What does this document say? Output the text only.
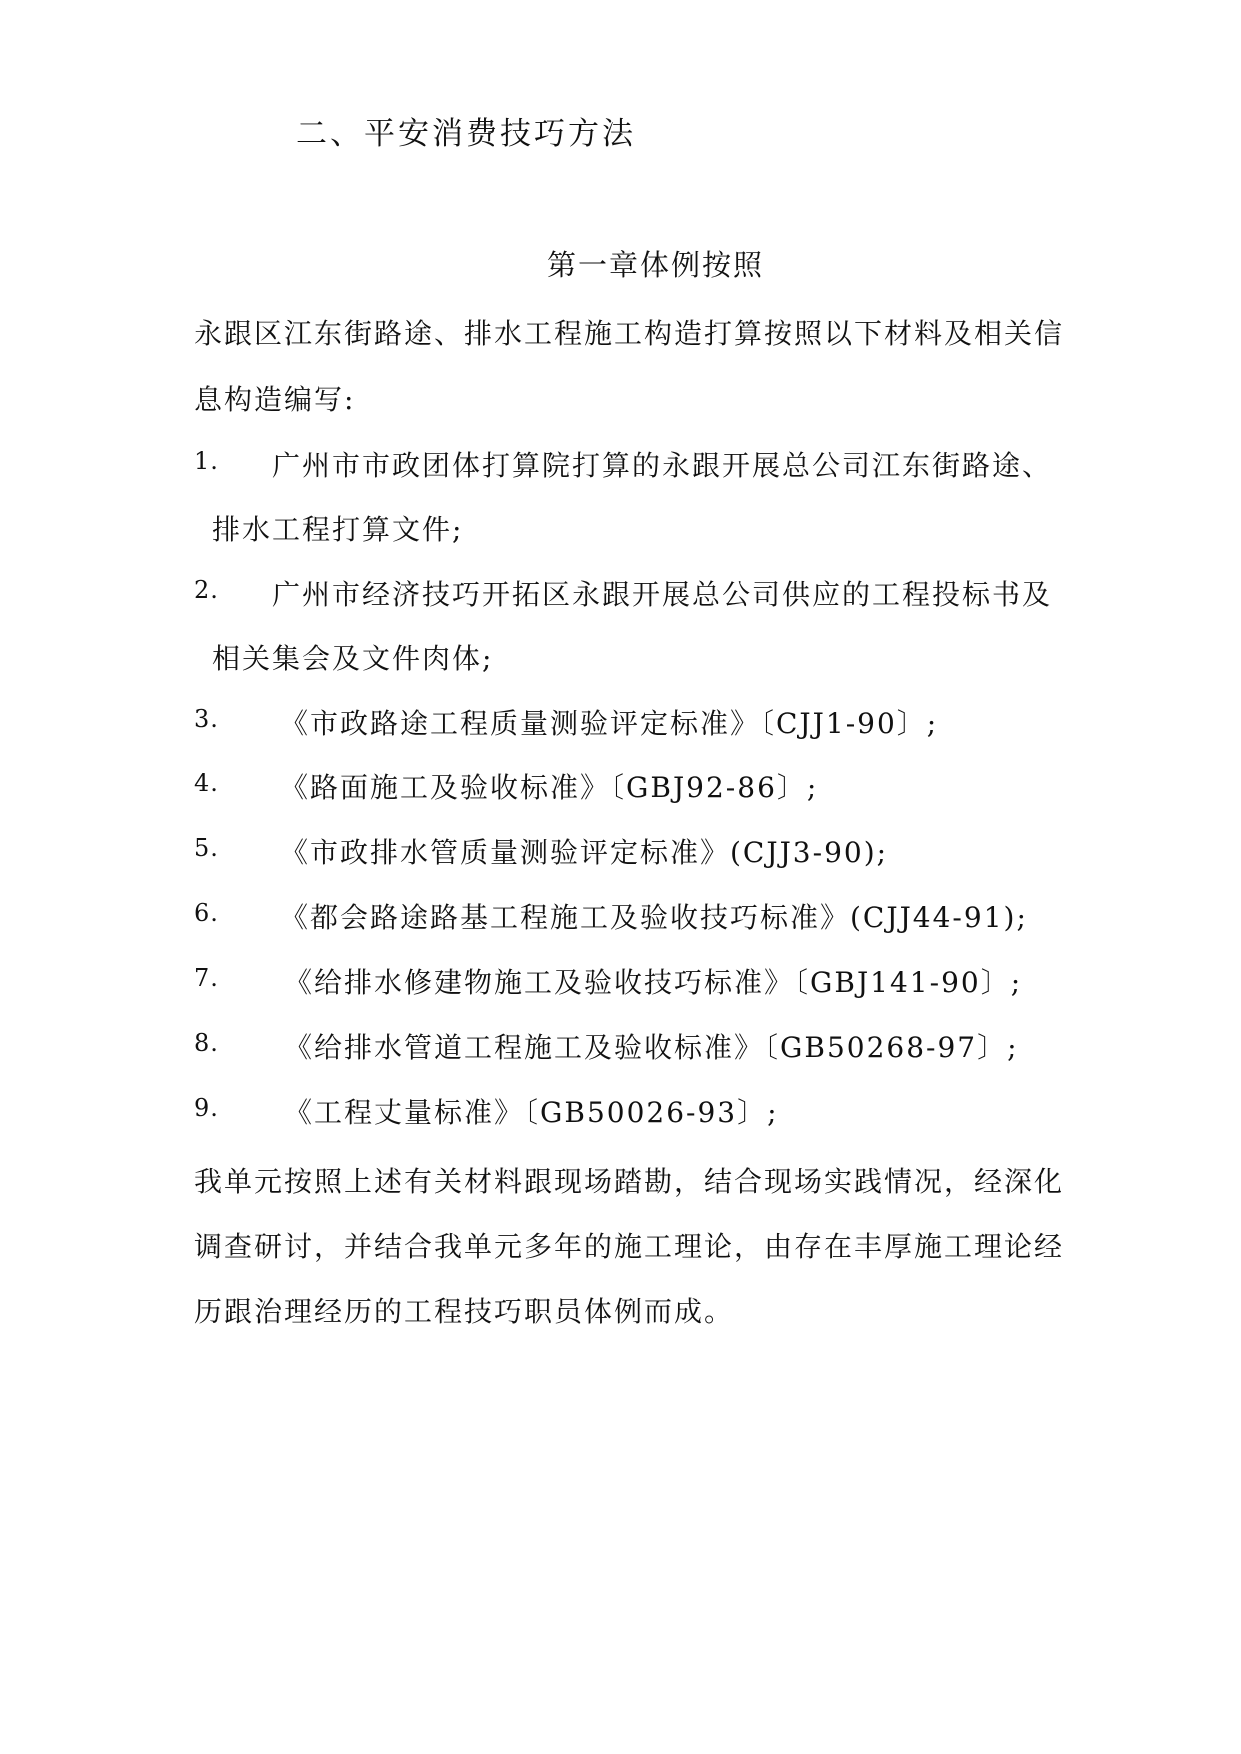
二、平安消费技巧方法
第一章体例按照
永跟区江东街路途、排水工程施工构造打算按照以下材料及相关信
息构造编写:
1. 广州市市政团体打算院打算的永跟开展总公司江东街路途、
排水工程打算文件;
2. 广州市经济技巧开拓区永跟开展总公司供应的工程投标书及
相关集会及文件肉体;
3. 《市政路途工程质量测验评定标准》〔CJJ1-90〕;
4. 《路面施工及验收标准》〔GBJ92-86〕;
5. 《市政排水管质量测验评定标准》(CJJ3-90);
6. 《都会路途路基工程施工及验收技巧标准》(CJJ44-91);
7. 《给排水修建物施工及验收技巧标准》〔GBJ141-90〕;
8. 《给排水管道工程施工及验收标准》〔GB50268-97〕;
9. 《工程丈量标准》〔GB50026-93〕;
我单元按照上述有关材料跟现场踏勘，结合现场实践情况，经深化
调查研讨，并结合我单元多年的施工理论，由存在丰厚施工理论经
历跟治理经历的工程技巧职员体例而成。
